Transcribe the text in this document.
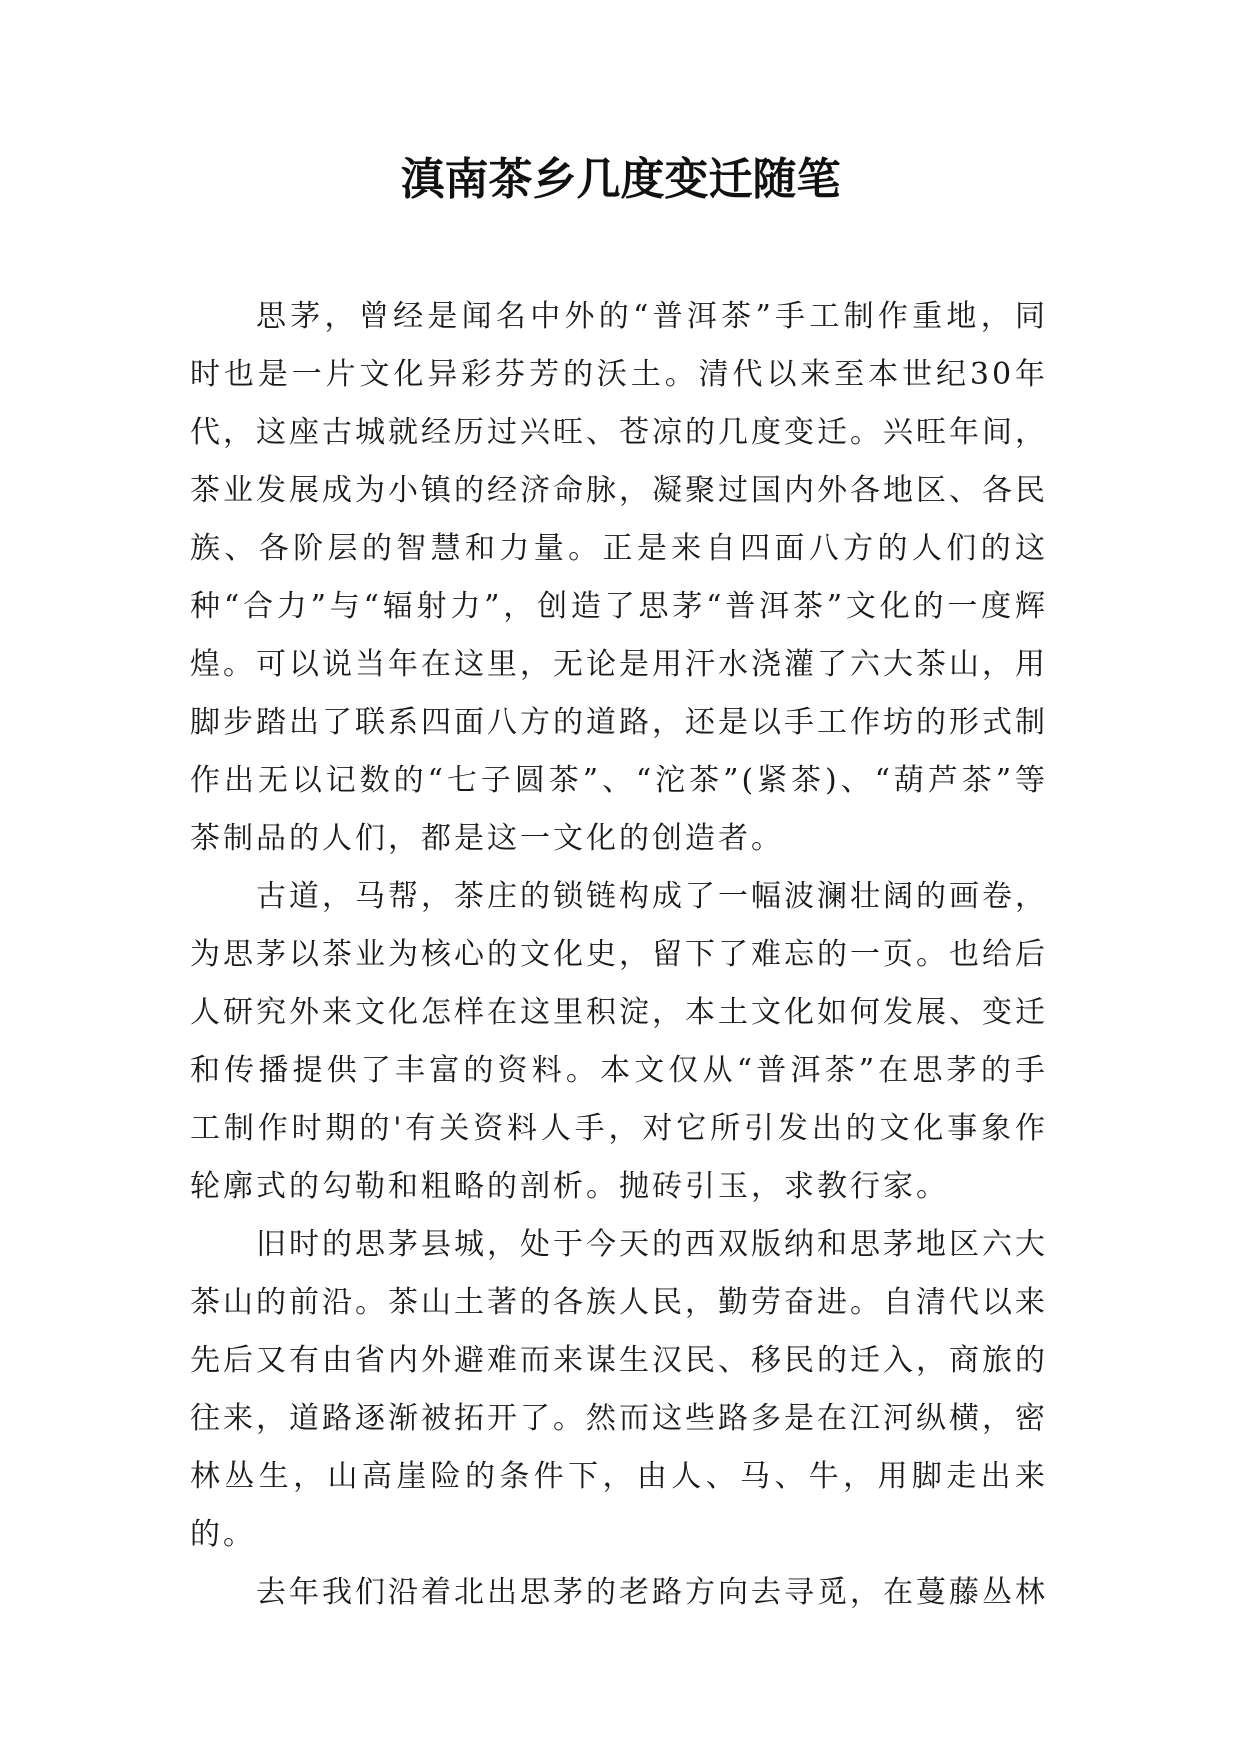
滇南茶乡几度变迁随笔

思茅，曾经是闻名中外的“普洱茶”手工制作重地，同时也是一片文化异彩芬芳的沃土。清代以来至本世纪30年代，这座古城就经历过兴旺、苍凉的几度变迁。兴旺年间，茶业发展成为小镇的经济命脉，凝聚过国内外各地区、各民族、各阶层的智慧和力量。正是来自四面八方的人们的这种“合力”与“辐射力”，创造了思茅“普洱茶”文化的一度辉煌。可以说当年在这里，无论是用汗水浇灌了六大茶山，用脚步踏出了联系四面八方的道路，还是以手工作坊的形式制作出无以记数的“七子圆茶”、“沱茶”(紧茶)、“葫芦茶”等茶制品的人们，都是这一文化的创造者。

古道，马帮，茶庄的锁链构成了一幅波澜壮阔的画卷，为思茅以茶业为核心的文化史，留下了难忘的一页。也给后人研究外来文化怎样在这里积淀，本土文化如何发展、变迁和传播提供了丰富的资料。本文仅从“普洱茶”在思茅的手工制作时期的'有关资料人手，对它所引发出的文化事象作轮廓式的勾勒和粗略的剖析。抛砖引玉，求教行家。

旧时的思茅县城，处于今天的西双版纳和思茅地区六大茶山的前沿。茶山土著的各族人民，勤劳奋进。自清代以来先后又有由省内外避难而来谋生汉民、移民的迁入，商旅的往来，道路逐渐被拓开了。然而这些路多是在江河纵横，密林丛生，山高崖险的条件下，由人、马、牛，用脚走出来的。

去年我们沿着北出思茅的老路方向去寻觅，在蔓藤丛林
